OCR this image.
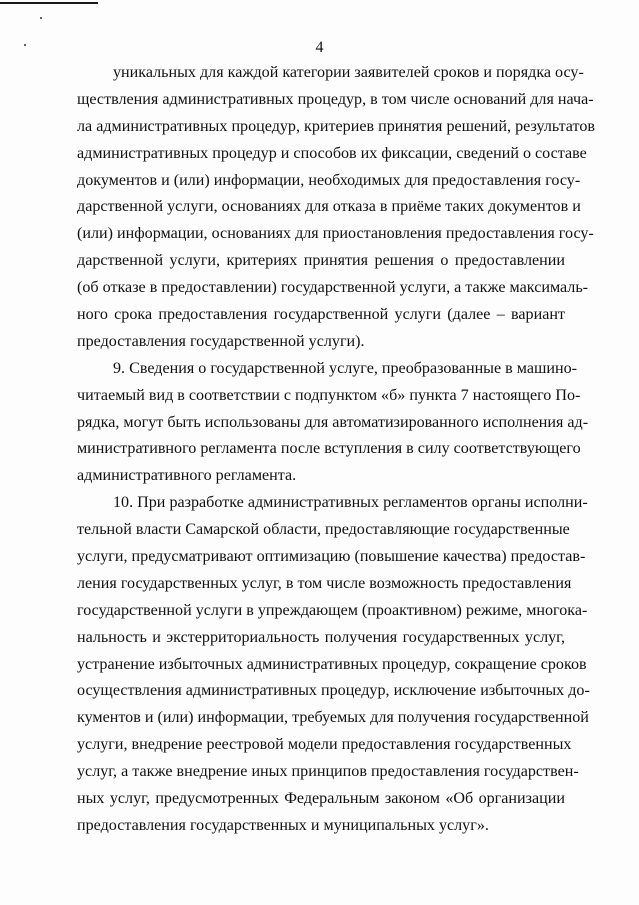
4
уникальных для каждой категории заявителей сроков и порядка осу-
ществления административных процедур, в том числе оснований для нача-
ла административных процедур, критериев принятия решений, результатов
административных процедур и способов их фиксации, сведений о составе
документов и (или) информации, необходимых для предоставления госу-
дарственной услуги, основаниях для отказа в приёме таких документов и
(или) информации, основаниях для приостановления предоставления госу-
дарственной услуги, критериях принятия решения о предоставлении
(об отказе в предоставлении) государственной услуги, а также максималь-
ного срока предоставления государственной услуги (далее – вариант
предоставления государственной услуги).
9. Сведения о государственной услуге, преобразованные в машино-
читаемый вид в соответствии с подпунктом «б» пункта 7 настоящего По-
рядка, могут быть использованы для автоматизированного исполнения ад-
министративного регламента после вступления в силу соответствующего
административного регламента.
10. При разработке административных регламентов органы исполни-
тельной власти Самарской области, предоставляющие государственные
услуги, предусматривают оптимизацию (повышение качества) предостав-
ления государственных услуг, в том числе возможность предоставления
государственной услуги в упреждающем (проактивном) режиме, многока-
нальность и экстерриториальность получения государственных услуг,
устранение избыточных административных процедур, сокращение сроков
осуществления административных процедур, исключение избыточных до-
кументов и (или) информации, требуемых для получения государственной
услуги, внедрение реестровой модели предоставления государственных
услуг, а также внедрение иных принципов предоставления государствен-
ных услуг, предусмотренных Федеральным законом «Об организации
предоставления государственных и муниципальных услуг».
